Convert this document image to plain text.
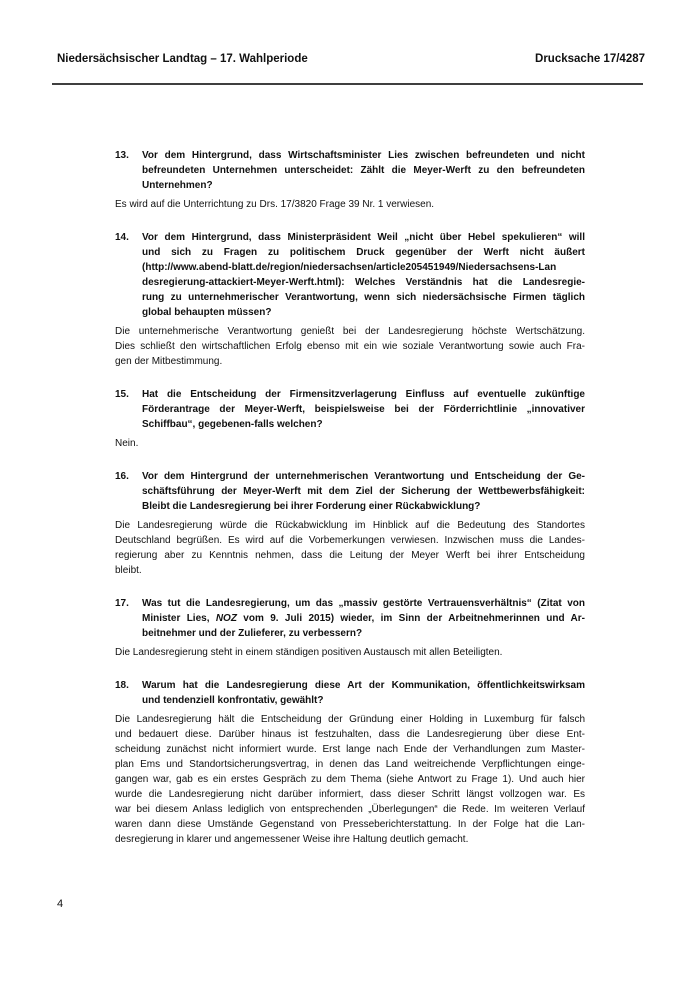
Niedersächsischer Landtag – 17. Wahlperiode	Drucksache 17/4287
13.	Vor dem Hintergrund, dass Wirtschaftsminister Lies zwischen befreundeten und nicht
befreundeten Unternehmen unterscheidet: Zählt die Meyer-Werft zu den befreundeten
Unternehmen?
Es wird auf die Unterrichtung zu Drs. 17/3820 Frage 39 Nr. 1 verwiesen.
14.	Vor dem Hintergrund, dass Ministerpräsident Weil „nicht über Hebel spekulieren“ will
und sich zu Fragen zu politischem Druck gegenüber der Werft nicht äußert
(http://www.abend-blatt.de/region/niedersachsen/article205451949/Niedersachsens-Lan
desregierung-attackiert-Meyer-Werft.html): Welches Verständnis hat die Landesregie-
rung zu unternehmerischer Verantwortung, wenn sich niedersächsische Firmen täglich
global behaupten müssen?
Die unternehmerische Verantwortung genießt bei der Landesregierung höchste Wertschätzung.
Dies schließt den wirtschaftlichen Erfolg ebenso mit ein wie soziale Verantwortung sowie auch Fra-
gen der Mitbestimmung.
15.	Hat die Entscheidung der Firmensitzverlagerung Einfluss auf eventuelle zukünftige
Förderantrage der Meyer-Werft, beispielsweise bei der Förderrichtlinie „innovativer
Schiffbau“, gegebenen-falls welchen?
Nein.
16.	Vor dem Hintergrund der unternehmerischen Verantwortung und Entscheidung der Ge-
schäftsführung der Meyer-Werft mit dem Ziel der Sicherung der Wettbewerbsfähigkeit:
Bleibt die Landesregierung bei ihrer Forderung einer Rückabwicklung?
Die Landesregierung würde die Rückabwicklung im Hinblick auf die Bedeutung des Standortes
Deutschland begrüßen. Es wird auf die Vorbemerkungen verwiesen. Inzwischen muss die Landes-
regierung aber zu Kenntnis nehmen, dass die Leitung der Meyer Werft bei ihrer Entscheidung
bleibt.
17.	Was tut die Landesregierung, um das „massiv gestörte Vertrauensverhältnis“ (Zitat von
Minister Lies, NOZ vom 9. Juli 2015) wieder, im Sinn der Arbeitnehmerinnen und Ar-
beitnehmer und der Zulieferer, zu verbessern?
Die Landesregierung steht in einem ständigen positiven Austausch mit allen Beteiligten.
18.	Warum hat die Landesregierung diese Art der Kommunikation, öffentlichkeitswirksam
und tendenziell konfrontativ, gewählt?
Die Landesregierung hält die Entscheidung der Gründung einer Holding in Luxemburg für falsch
und bedauert diese. Darüber hinaus ist festzuhalten, dass die Landesregierung über diese Ent-
scheidung zunächst nicht informiert wurde. Erst lange nach Ende der Verhandlungen zum Master-
plan Ems und Standortsicherungsvertrag, in denen das Land weitreichende Verpflichtungen einge-
gangen war, gab es ein erstes Gespräch zu dem Thema (siehe Antwort zu Frage 1). Und auch hier
wurde die Landesregierung nicht darüber informiert, dass dieser Schritt längst vollzogen war. Es
war bei diesem Anlass lediglich von entsprechenden „Überlegungen“ die Rede. Im weiteren Verlauf
waren dann diese Umstände Gegenstand von Presseberichterstattung. In der Folge hat die Lan-
desregierung in klarer und angemessener Weise ihre Haltung deutlich gemacht.
4
